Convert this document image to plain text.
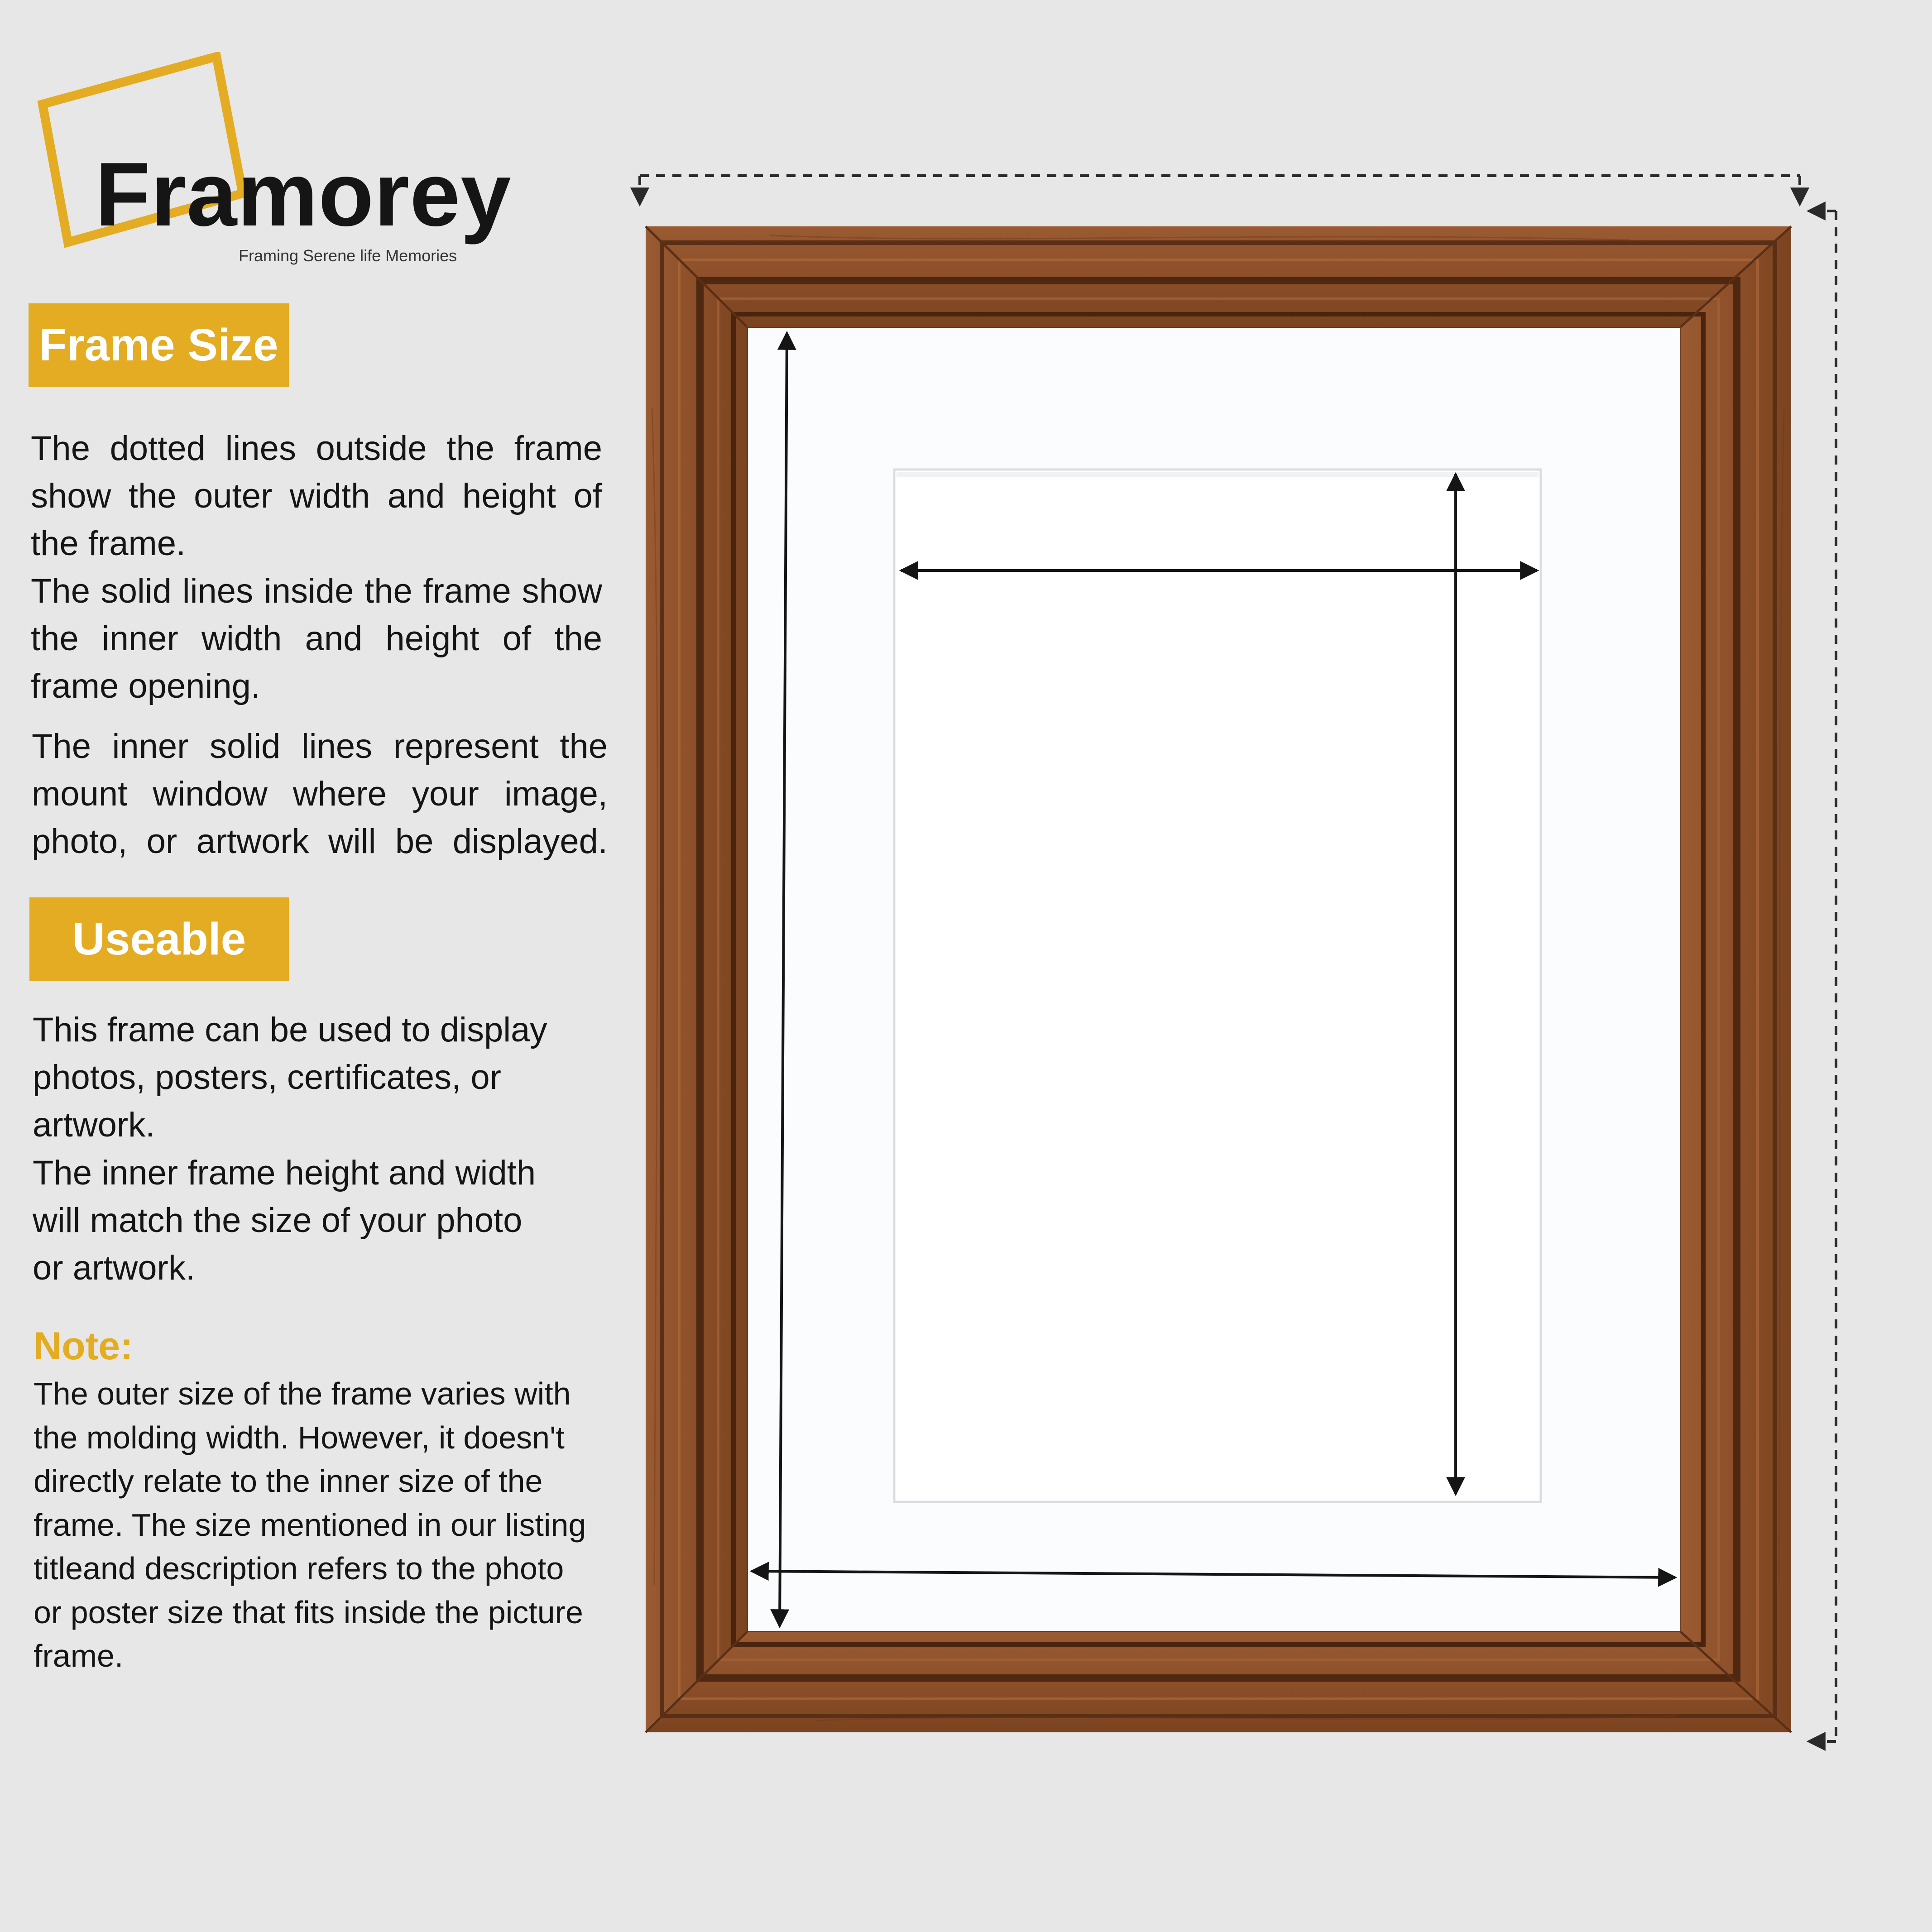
Framorey
Framing Serene life Memories
Frame Size
The dotted lines outside the frame
show the outer width and height of
the frame.
The solid lines inside the frame show
the inner width and height of the
frame opening.
The inner solid lines represent the
mount window where your image,
photo, or artwork will be displayed.
Useable
This frame can be used to display
photos, posters, certificates, or
artwork.
The inner frame height and width
will match the size of your photo
or artwork.
Note:
The outer size of the frame varies with
the molding width. However, it doesn't
directly relate to the inner size of the
frame. The size mentioned in our listing
titleand description refers to the photo
or poster size that fits inside the picture
frame.
